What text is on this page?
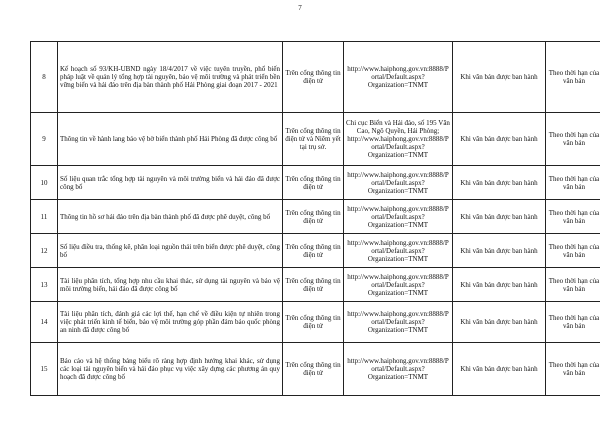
7
8	Kế hoạch số 93/KH-UBND ngày 18/4/2017 về việc tuyên truyền, phổ biến pháp luật về quản lý tổng hợp tài nguyên, bảo vệ môi trường và phát triển bền vững biển và hải đảo trên địa bàn thành phố Hải Phòng giai đoạn 2017 - 2021	Trên cổng thông tin điện tử	http://www.haiphong.gov.vn:8888/Portal/Default.aspx?Organization=TNMT	Khi văn bản được ban hành	Theo thời hạn của văn bản
9	Thông tin về hành lang bảo vệ bờ biển thành phố Hải Phòng đã được công bố	Trên cổng thông tin điện tử và Niêm yết tại trụ sở.	Chi cục Biển và Hải đảo, số 195 Văn Cao, Ngô Quyền, Hải Phòng; http://www.haiphong.gov.vn:8888/Portal/Default.aspx?Organization=TNMT	Khi văn bản được ban hành	Theo thời hạn của văn bản
10	Số liệu quan trắc tổng hợp tài nguyên và môi trường biển và hải đảo đã được công bố	Trên cổng thông tin điện tử	http://www.haiphong.gov.vn:8888/Portal/Default.aspx?Organization=TNMT	Khi văn bản được ban hành	Theo thời hạn của văn bản
11	Thông tin hồ sơ hải đảo trên địa bàn thành phố đã được phê duyệt, công bố	Trên cổng thông tin điện tử	http://www.haiphong.gov.vn:8888/Portal/Default.aspx?Organization=TNMT	Khi văn bản được ban hành	Theo thời hạn của văn bản
12	Số liệu điều tra, thống kê, phân loại nguồn thải trên biển được phê duyệt, công bố	Trên cổng thông tin điện tử	http://www.haiphong.gov.vn:8888/Portal/Default.aspx?Organization=TNMT	Khi văn bản được ban hành	Theo thời hạn của văn bản
13	Tài liệu phân tích, tổng hợp nhu cầu khai thác, sử dụng tài nguyên và bảo vệ môi trường biển, hải đảo đã được công bố	Trên cổng thông tin điện tử	http://www.haiphong.gov.vn:8888/Portal/Default.aspx?Organization=TNMT	Khi văn bản được ban hành	Theo thời hạn của văn bản
14	Tài liệu phân tích, đánh giá các lợi thế, hạn chế về điều kiện tự nhiên trong việc phát triển kinh tế biển, bảo vệ môi trường góp phần đảm bảo quốc phòng an ninh đã được công bố	Trên cổng thông tin điện tử	http://www.haiphong.gov.vn:8888/Portal/Default.aspx?Organization=TNMT	Khi văn bản được ban hành	Theo thời hạn của văn bản
15	Báo cáo và hệ thống bảng biểu rõ ràng hợp định hướng khai khác, sử dụng các loại tài nguyên biển và hải đảo phục vụ việc xây dựng các phương án quy hoạch đã được công bố	Trên cổng thông tin điện tử	http://www.haiphong.gov.vn:8888/Portal/Default.aspx?Organization=TNMT	Khi văn bản được ban hành	Theo thời hạn của văn bản
